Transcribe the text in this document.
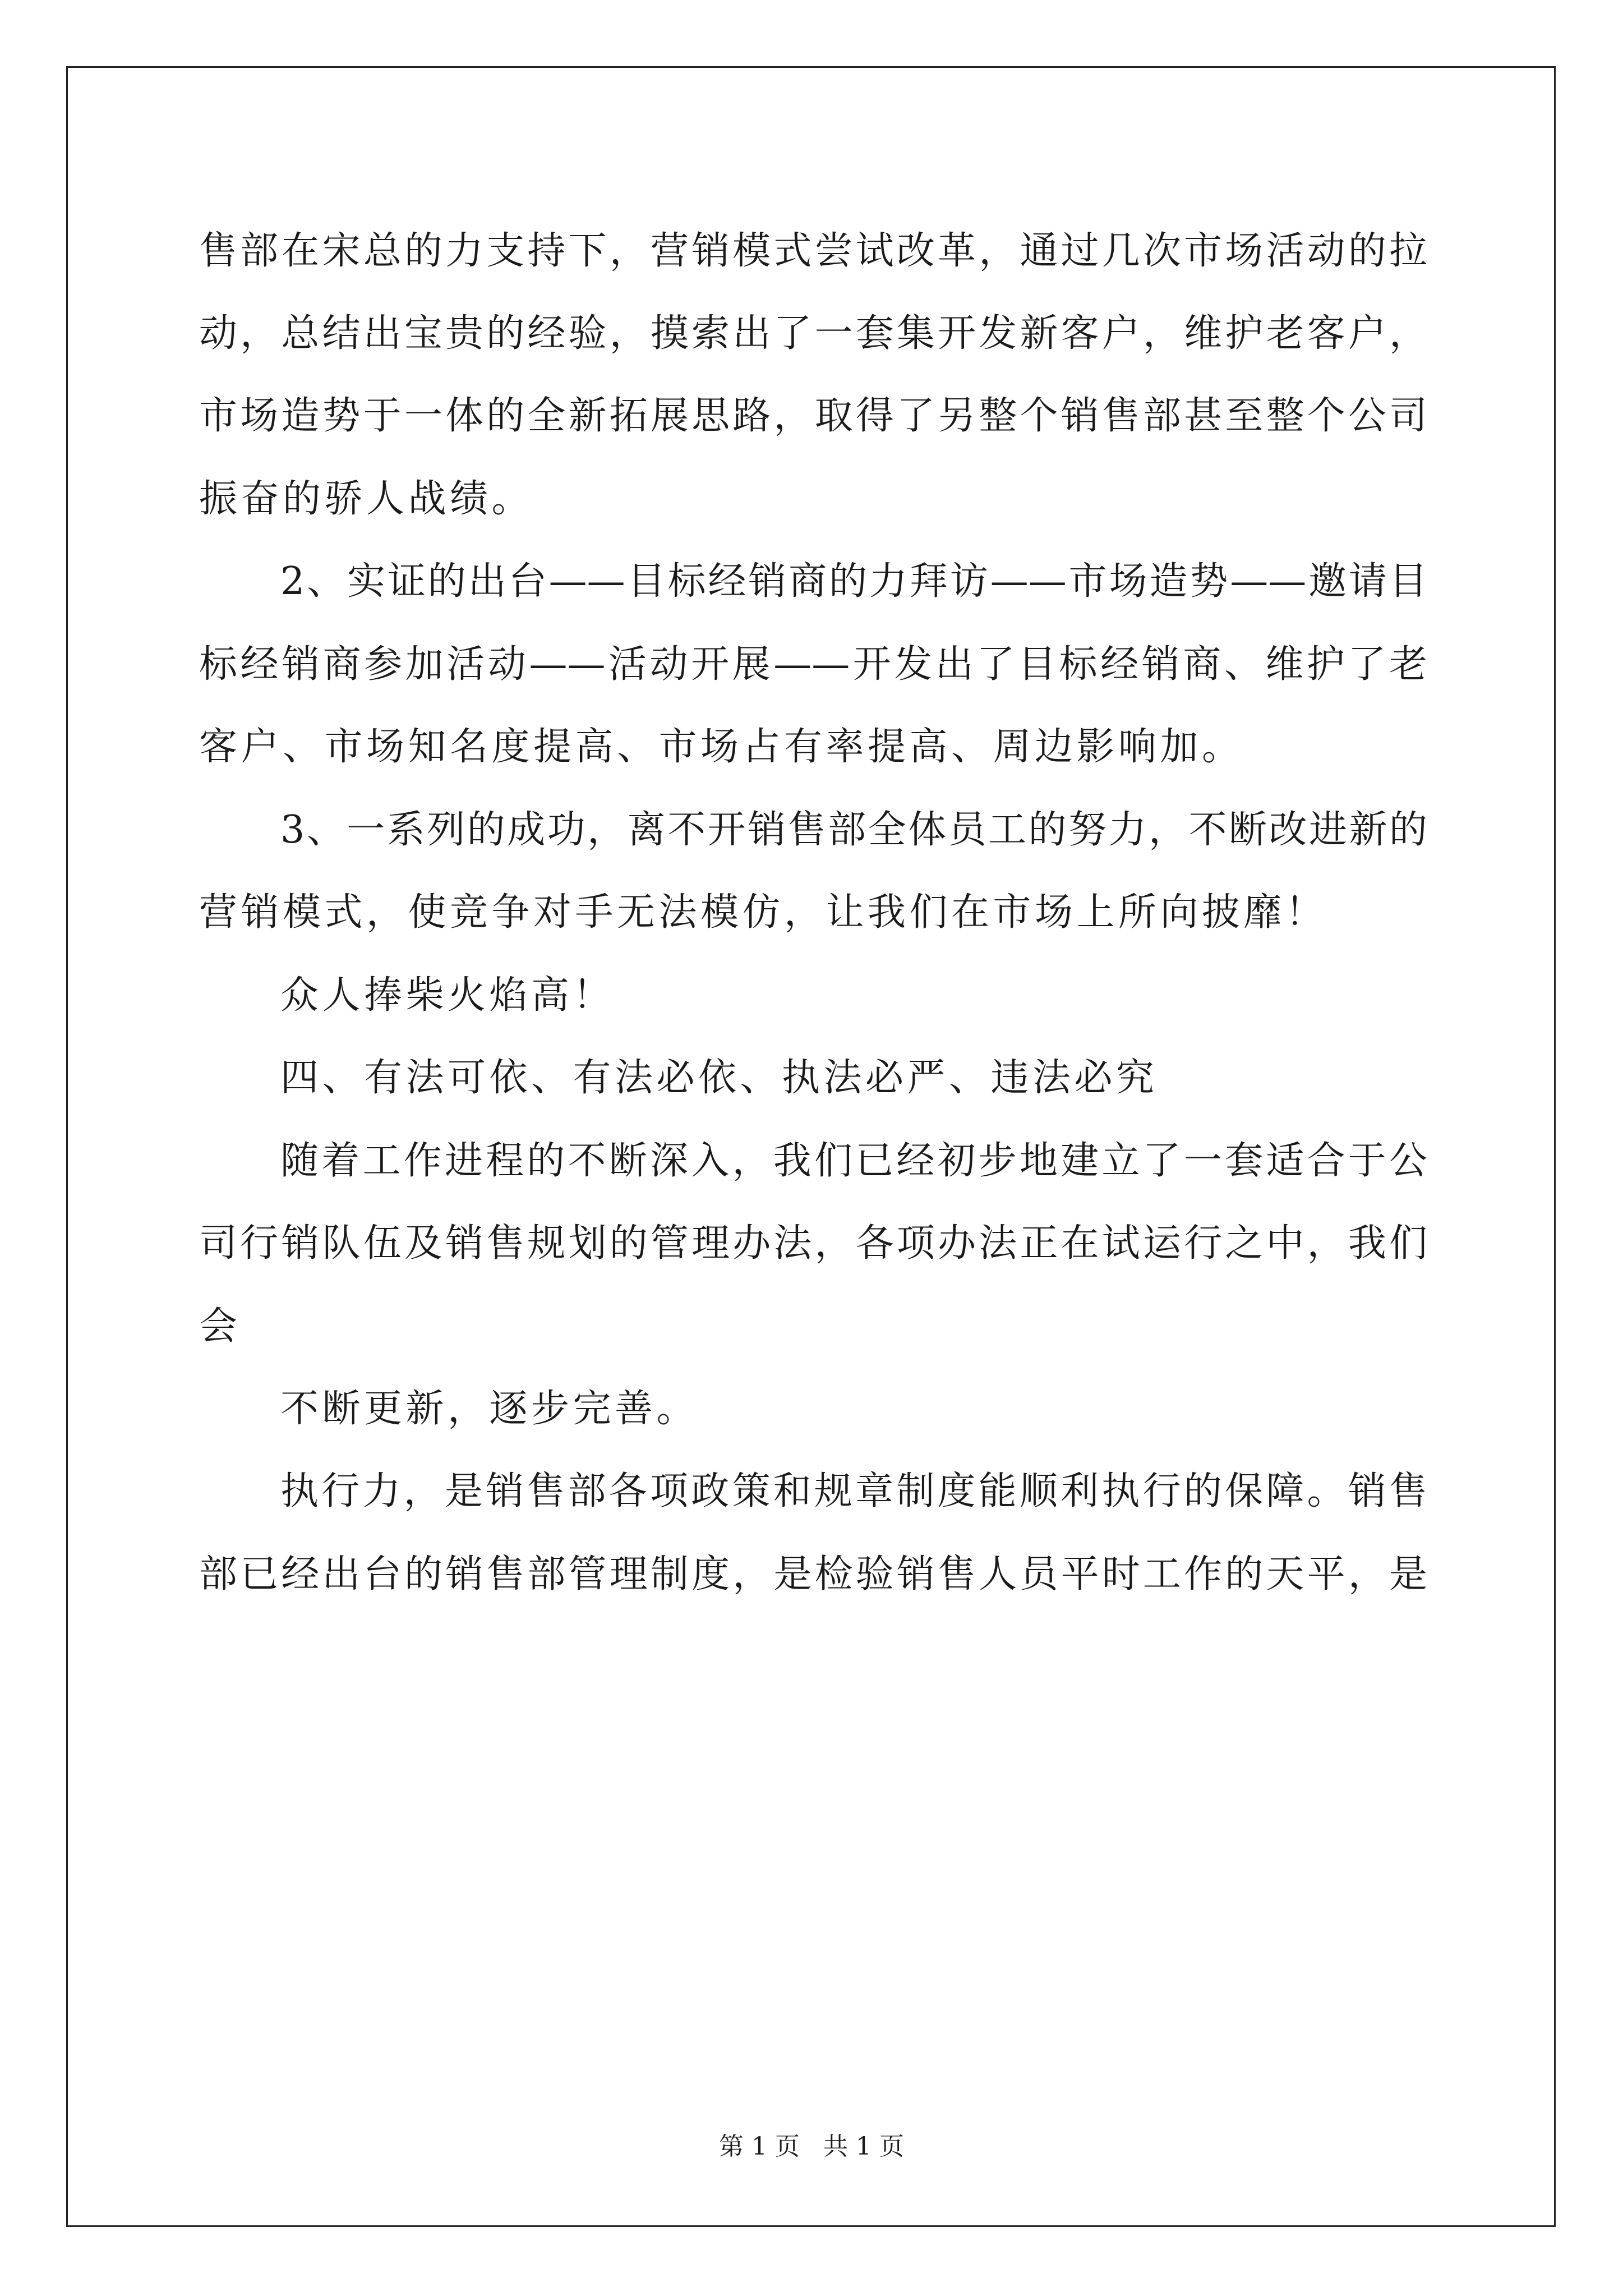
售部在宋总的力支持下，营销模式尝试改革，通过几次市场活动的拉
动，总结出宝贵的经验，摸索出了一套集开发新客户，维护老客户，
市场造势于一体的全新拓展思路，取得了另整个销售部甚至整个公司
振奋的骄人战绩。
2、实证的出台——目标经销商的力拜访——市场造势——邀请目
标经销商参加活动——活动开展——开发出了目标经销商、维护了老
客户、市场知名度提高、市场占有率提高、周边影响加。
3、一系列的成功，离不开销售部全体员工的努力，不断改进新的
营销模式，使竞争对手无法模仿，让我们在市场上所向披靡！
众人捧柴火焰高！
四、有法可依、有法必依、执法必严、违法必究
随着工作进程的不断深入，我们已经初步地建立了一套适合于公
司行销队伍及销售规划的管理办法，各项办法正在试运行之中，我们
会
不断更新，逐步完善。
执行力，是销售部各项政策和规章制度能顺利执行的保障。销售
部已经出台的销售部管理制度，是检验销售人员平时工作的天平，是
第 1 页   共 1 页
